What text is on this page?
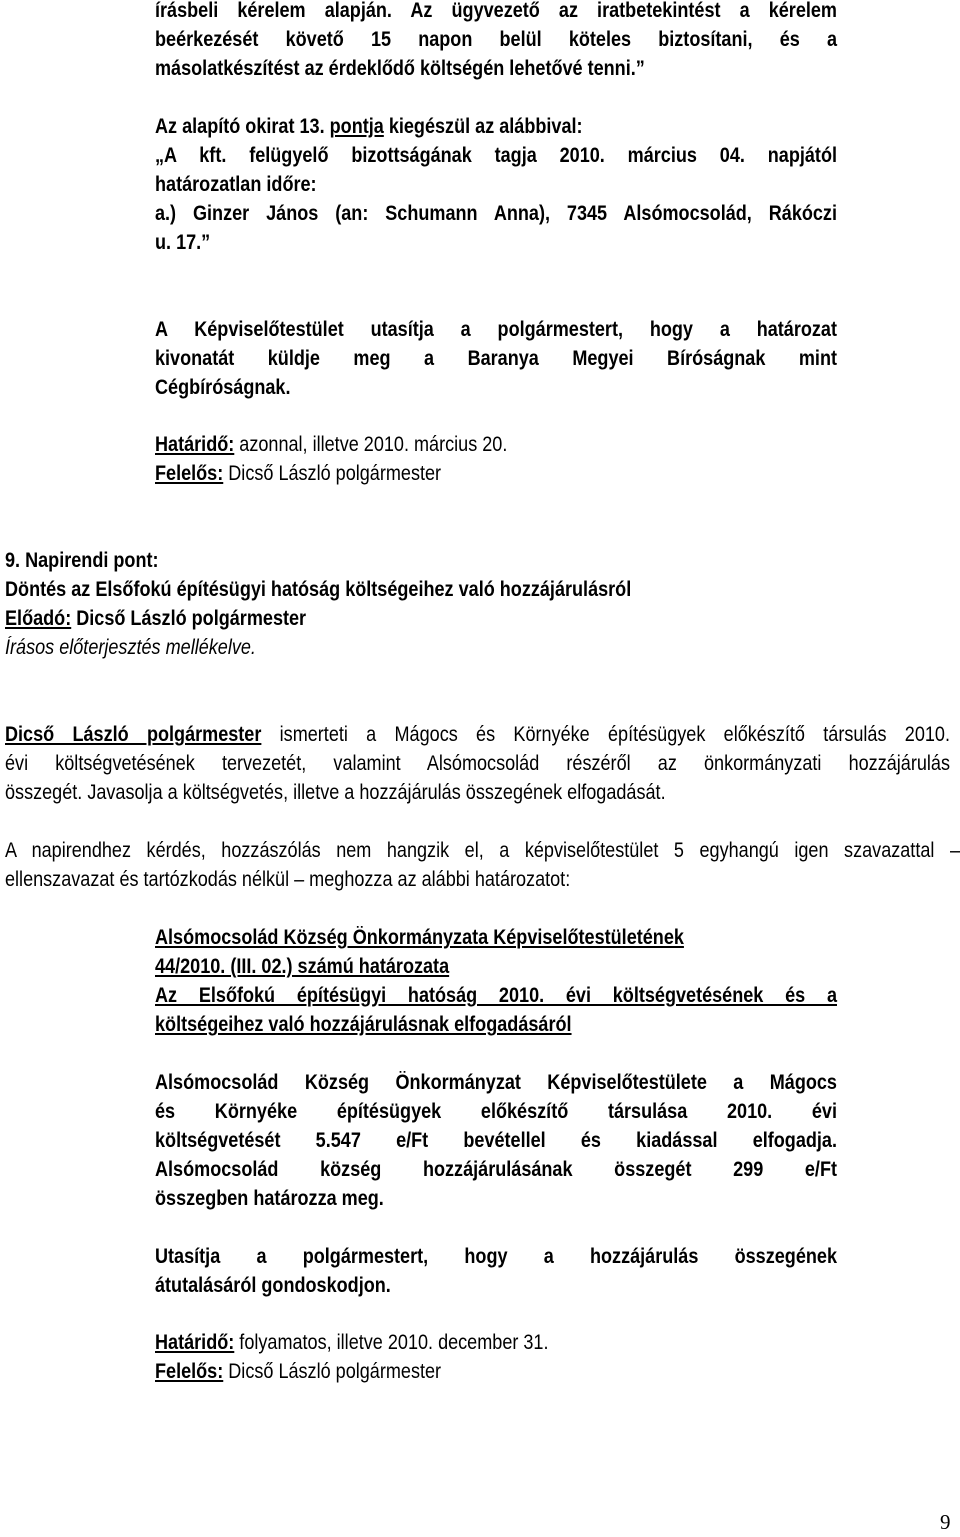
9
írásbeli kérelem alapján. Az ügyvezető az iratbetekintést a kérelem
beérkezését követő 15 napon belül köteles biztosítani, és a
másolatkészítést az érdeklődő költségén lehetővé tenni.”
Az alapító okirat 13. pontja kiegészül az alábbival:
„A kft. felügyelő bizottságának tagja 2010. március 04. napjától
határozatlan időre:
a.) Ginzer János (an: Schumann Anna), 7345 Alsómocsolád, Rákóczi
u. 17.”
A Képviselőtestület utasítja a polgármestert, hogy a határozat
kivonatát küldje meg a Baranya Megyei Bíróságnak mint
Cégbíróságnak.
Határidő: azonnal, illetve 2010. március 20.
Felelős: Dicső László polgármester
9. Napirendi pont:
Döntés az Elsőfokú építésügyi hatóság költségeihez való hozzájárulásról
Előadó: Dicső László polgármester
Írásos előterjesztés mellékelve.
Dicső László polgármester ismerteti a Mágocs és Környéke építésügyek előkészítő társulás 2010.
évi költségvetésének tervezetét, valamint Alsómocsolád részéről az önkormányzati hozzájárulás
összegét. Javasolja a költségvetés, illetve a hozzájárulás összegének elfogadását.
A napirendhez kérdés, hozzászólás nem hangzik el, a képviselőtestület 5 egyhangú igen szavazattal –
ellenszavazat és tartózkodás nélkül – meghozza az alábbi határozatot:
Alsómocsolád Község Önkormányzata Képviselőtestületének
44/2010. (III. 02.) számú határozata
Az Elsőfokú építésügyi hatóság 2010. évi költségvetésének és a
költségeihez való hozzájárulásnak elfogadásáról
Alsómocsolád Község Önkormányzat Képviselőtestülete a Mágocs
és Környéke építésügyek előkészítő társulása 2010. évi
költségvetését 5.547 e/Ft bevétellel és kiadással elfogadja.
Alsómocsolád község hozzájárulásának összegét 299 e/Ft
összegben határozza meg.
Utasítja a polgármestert, hogy a hozzájárulás összegének
átutalásáról gondoskodjon.
Határidő: folyamatos, illetve 2010. december 31.
Felelős: Dicső László polgármester
